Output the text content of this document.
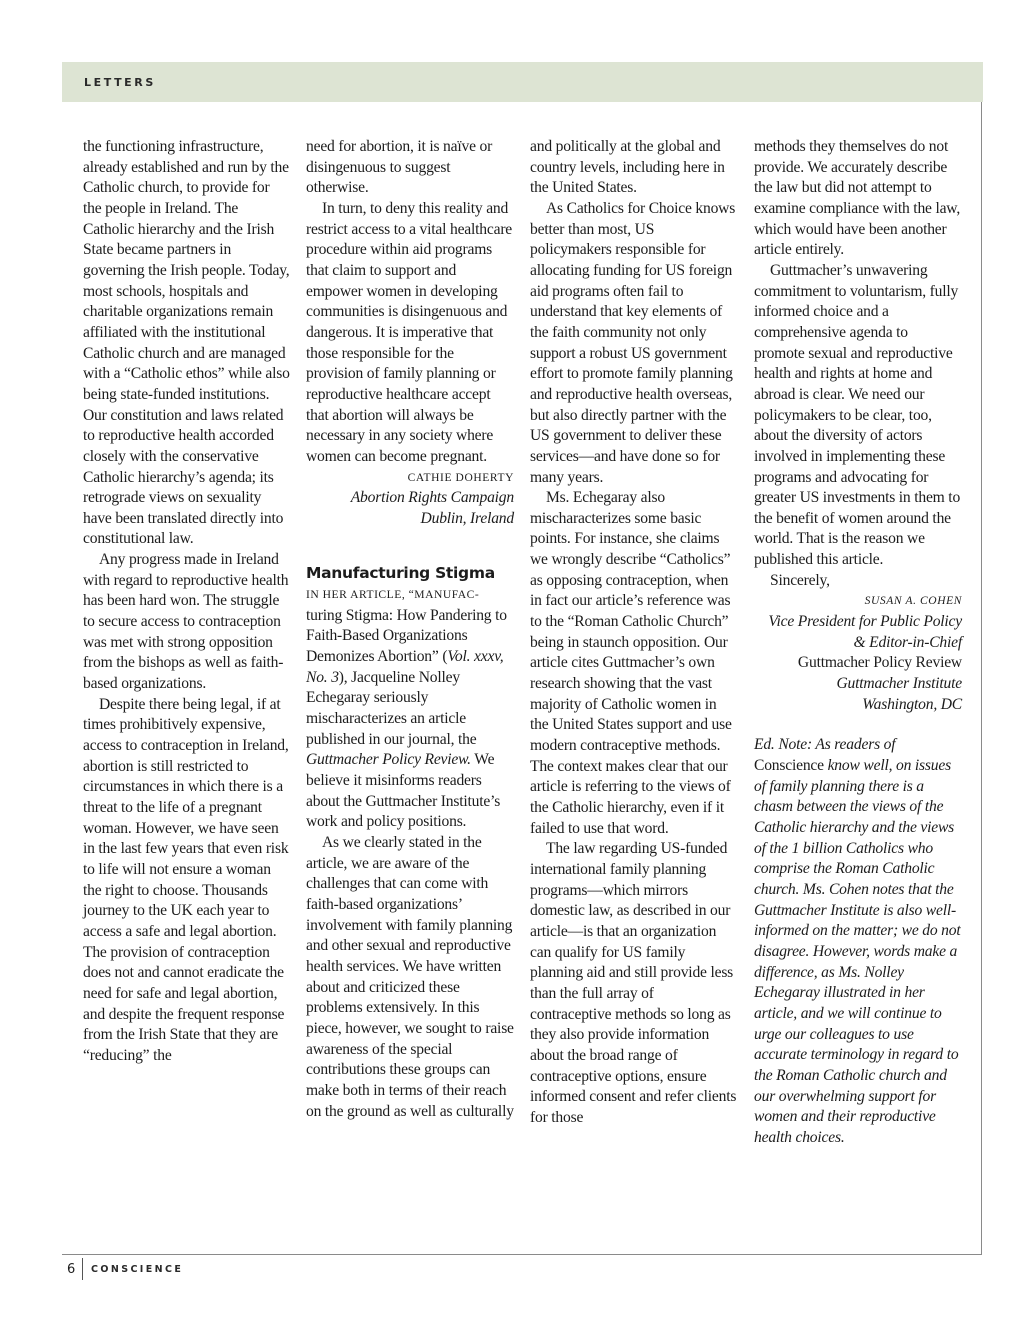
LETTERS

the functioning infrastructure, already established and run by the Catholic church, to provide for the people in Ireland. The Catholic hierarchy and the Irish State became partners in governing the Irish people. Today, most schools, hospitals and charitable organizations remain affiliated with the institutional Catholic church and are managed with a “Catholic ethos” while also being state-funded institutions. Our constitution and laws related to reproductive health accorded closely with the conservative Catholic hierarchy’s agenda; its retrograde views on sexuality have been translated directly into constitutional law.

Any progress made in Ireland with regard to reproductive health has been hard won. The struggle to secure access to contraception was met with strong opposition from the bishops as well as faith-based organizations.

Despite there being legal, if at times prohibitively expensive, access to contraception in Ireland, abortion is still restricted to circumstances in which there is a threat to the life of a pregnant woman. However, we have seen in the last few years that even risk to life will not ensure a woman the right to choose. Thousands journey to the UK each year to access a safe and legal abortion. The provision of contraception does not and cannot eradicate the need for safe and legal abortion, and despite the frequent response from the Irish State that they are “reducing” the

need for abortion, it is naïve or disingenuous to suggest otherwise.

In turn, to deny this reality and restrict access to a vital healthcare procedure within aid programs that claim to support and empower women in developing communities is disingenuous and dangerous. It is imperative that those responsible for the provision of family planning or reproductive healthcare accept that abortion will always be necessary in any society where women can become pregnant.

CATHIE DOHERTY

Abortion Rights Campaign

Dublin, Ireland

Manufacturing Stigma

IN HER ARTICLE, “MANUFAC- turing Stigma: How Pandering to Faith-Based Organizations Demonizes Abortion” (Vol. xxxv, No. 3), Jacqueline Nolley Echegaray seriously mischaracterizes an article published in our journal, the Guttmacher Policy Review. We believe it misinforms readers about the Guttmacher Institute’s work and policy positions.

As we clearly stated in the article, we are aware of the challenges that can come with faith-based organizations’ involvement with family planning and other sexual and reproductive health services. We have written about and criticized these problems extensively. In this piece, however, we sought to raise awareness of the special contributions these groups can make both in terms of their reach on the ground as well as culturally

and politically at the global and country levels, including here in the United States.

As Catholics for Choice knows better than most, US policymakers responsible for allocating funding for US foreign aid programs often fail to understand that key elements of the faith community not only support a robust US government effort to promote family planning and reproductive health overseas, but also directly partner with the US government to deliver these services—and have done so for many years.

Ms. Echegaray also mischaracterizes some basic points. For instance, she claims we wrongly describe “Catholics” as opposing contraception, when in fact our article’s reference was to the “Roman Catholic Church” being in staunch opposition. Our article cites Guttmacher’s own research showing that the vast majority of Catholic women in the United States support and use modern contraceptive methods. The context makes clear that our article is referring to the views of the Catholic hierarchy, even if it failed to use that word.

The law regarding US-funded international family planning programs—which mirrors domestic law, as described in our article—is that an organization can qualify for US family planning aid and still provide less than the full array of contraceptive methods so long as they also provide information about the broad range of contraceptive options, ensure informed consent and refer clients for those

methods they themselves do not provide. We accurately describe the law but did not attempt to examine compliance with the law, which would have been another article entirely.

Guttmacher’s unwavering commitment to voluntarism, fully informed choice and a comprehensive agenda to promote sexual and reproductive health and rights at home and abroad is clear. We need our policymakers to be clear, too, about the diversity of actors involved in implementing these programs and advocating for greater US investments in them to the benefit of women around the world. That is the reason we published this article.

Sincerely,

SUSAN A. COHEN

Vice President for Public Policy

& Editor-in-Chief

Guttmacher Policy Review

Guttmacher Institute

Washington, DC

Ed. Note: As readers of Conscience know well, on issues of family planning there is a chasm between the views of the Catholic hierarchy and the views of the 1 billion Catholics who comprise the Roman Catholic church. Ms. Cohen notes that the Guttmacher Institute is also well-informed on the matter; we do not disagree. However, words make a difference, as Ms. Nolley Echegaray illustrated in her article, and we will continue to urge our colleagues to use accurate terminology in regard to the Roman Catholic church and our overwhelming support for women and their reproductive health choices.

6 CONSCIENCE
